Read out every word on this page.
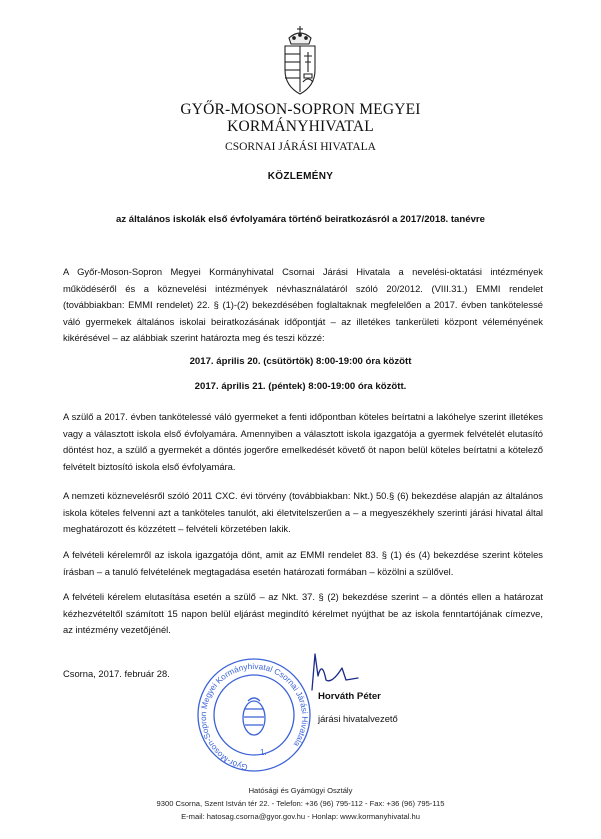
GYŐR-MOSON-SOPRON MEGYEI
KORMÁNYHIVATAL
CSORNAI JÁRÁSI HIVATALA
KÖZLEMÉNY
az általános iskolák első évfolyamára történő beiratkozásról a 2017/2018. tanévre
A Győr-Moson-Sopron Megyei Kormányhivatal Csornai Járási Hivatala a nevelési-oktatási intézmények működéséről és a köznevelési intézmények névhasználatáról szóló 20/2012. (VIII.31.) EMMI rendelet (továbbiakban: EMMI rendelet) 22. § (1)-(2) bekezdésében foglaltaknak megfelelően a 2017. évben tankötelessé váló gyermekek általános iskolai beiratkozásának időpontját – az illetékes tankerületi központ véleményének kikérésével – az alábbiak szerint határozta meg és teszi közzé:
2017. április 20. (csütörtök) 8:00-19:00 óra között
2017. április 21. (péntek) 8:00-19:00 óra között.
A szülő a 2017. évben tankötelessé váló gyermeket a fenti időpontban köteles beírtatni a lakóhelye szerint illetékes vagy a választott iskola első évfolyamára. Amennyiben a választott iskola igazgatója a gyermek felvételét elutasító döntést hoz, a szülő a gyermekét a döntés jogerőre emelkedését követő öt napon belül köteles beírtatni a kötelező felvételt biztosító iskola első évfolyamára.
A nemzeti köznevelésről szóló 2011 CXC. évi törvény (továbbiakban: Nkt.) 50.§ (6) bekezdése alapján az általános iskola köteles felvenni azt a tanköteles tanulót, aki életvitelszerűen a – a megyeszékhely szerinti járási hivatal által meghatározott és közzétett – felvételi körzetében lakik.
A felvételi kérelemről az iskola igazgatója dönt, amit az EMMI rendelet 83. § (1) és (4) bekezdése szerint köteles írásban – a tanuló felvételének megtagadása esetén határozati formában – közölni a szülővel.
A felvételi kérelem elutasítása esetén a szülő – az Nkt. 37. § (2) bekezdése szerint – a döntés ellen a határozat kézhezvételtől számított 15 napon belül eljárást megindító kérelmet nyújthat be az iskola fenntartójának címezve, az intézmény vezetőjénél.
Csorna, 2017. február 28.
Győr-Moson-Sopron Megyei Kormányhivatal Csornai Járási Hivatala
1.
Horváth Péter
járási hivatalvezető
Hatósági és Gyámügyi Osztály
9300 Csorna, Szent István tér 22. - Telefon: +36 (96) 795-112 - Fax: +36 (96) 795-115
E-mail: hatosag.csorna@gyor.gov.hu - Honlap: www.kormanyhivatal.hu
